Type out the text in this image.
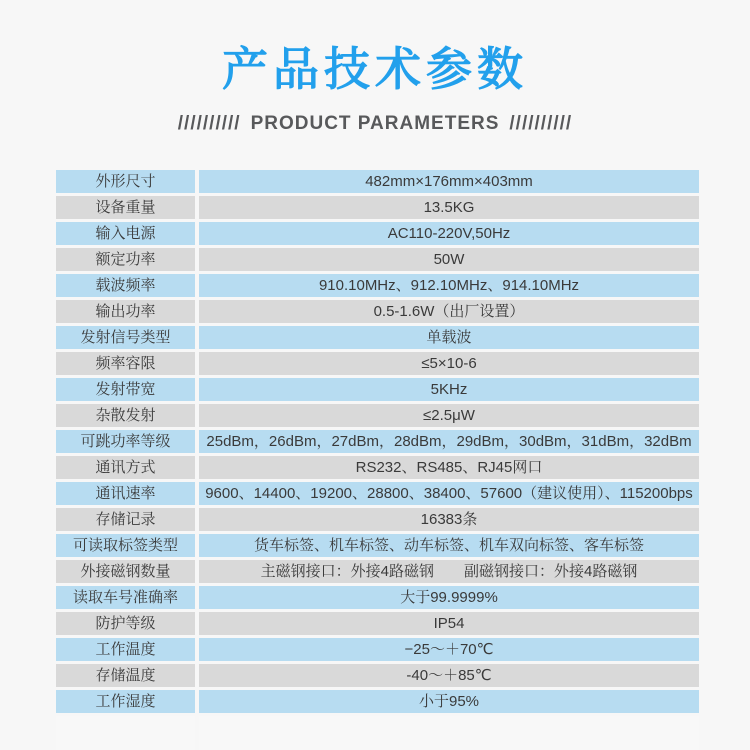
产品技术参数
////////// PRODUCT PARAMETERS //////////
外形尺寸	482mm×176mm×403mm
设备重量	13.5KG
输入电源	AC110-220V,50Hz
额定功率	50W
载波频率	910.10MHz、912.10MHz、914.10MHz
输出功率	0.5-1.6W（出厂设置）
发射信号类型	单载波
频率容限	≤5×10-6
发射带宽	5KHz
杂散发射	≤2.5μW
可跳功率等级	25dBm，26dBm，27dBm，28dBm，29dBm，30dBm，31dBm，32dBm
通讯方式	RS232、RS485、RJ45网口
通讯速率	9600、14400、19200、28800、38400、57600（建议使用）、115200bps
存储记录	16383条
可读取标签类型	货车标签、机车标签、动车标签、机车双向标签、客车标签
外接磁钢数量	主磁钢接口：外接4路磁钢　　副磁钢接口：外接4路磁钢
读取车号准确率	大于99.9999%
防护等级	IP54
工作温度	−25～＋70℃
存储温度	-40～＋85℃
工作湿度	小于95%
